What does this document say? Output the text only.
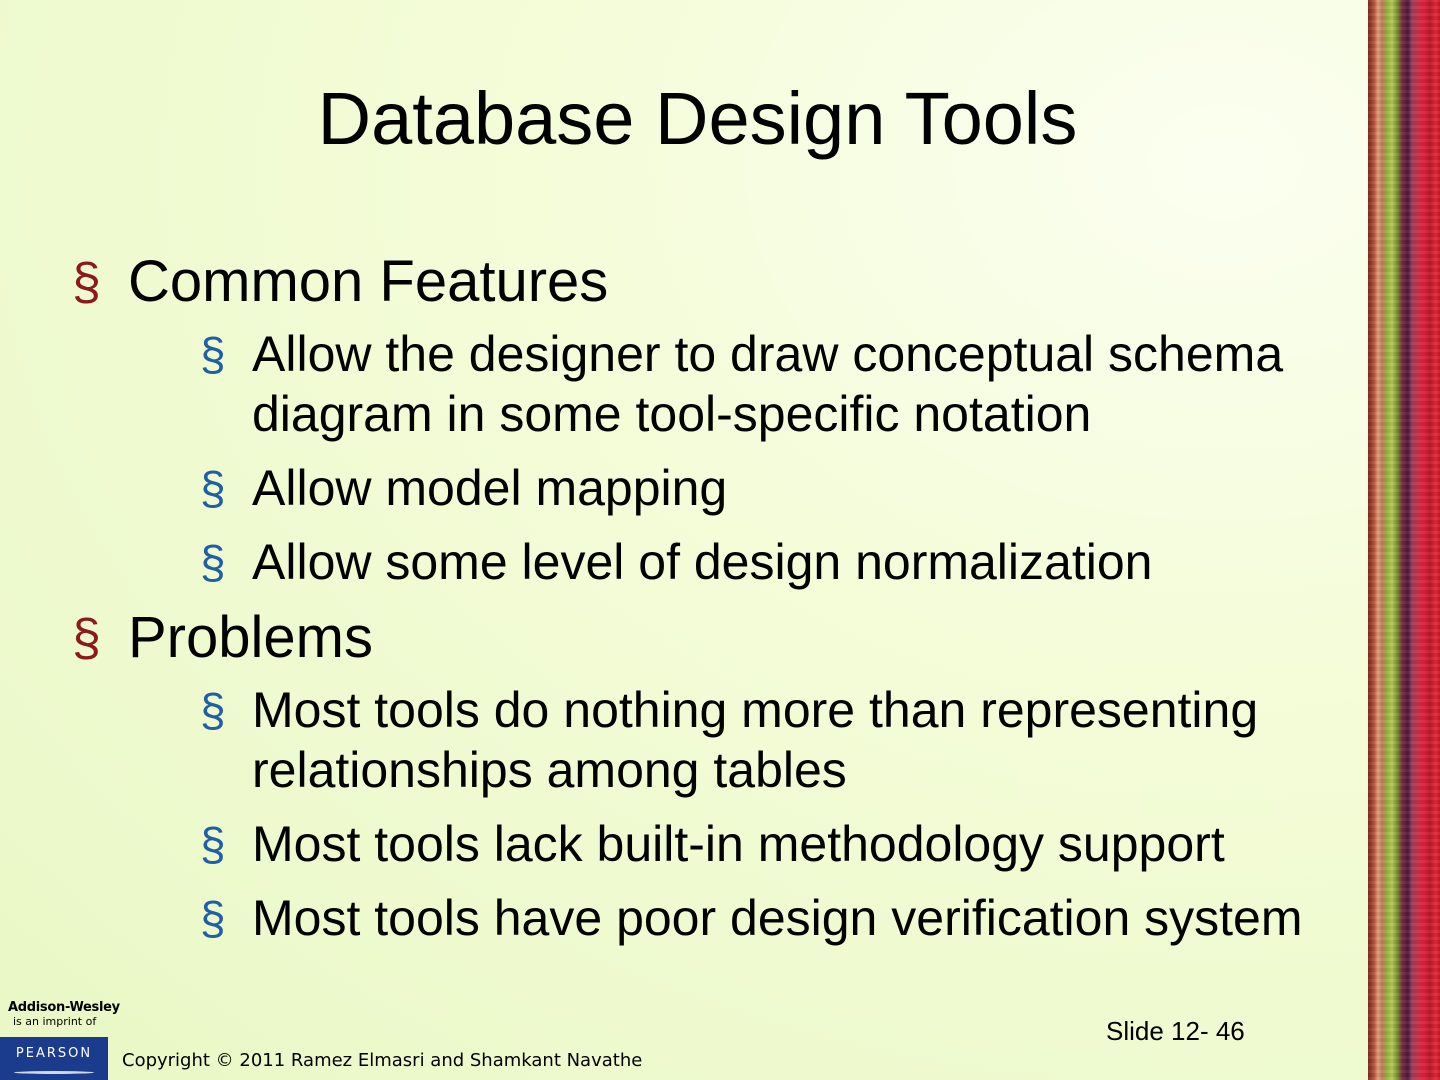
Database Design Tools
§ Common Features
§ Allow the designer to draw conceptual schema diagram in some tool-specific notation
§ Allow model mapping
§ Allow some level of design normalization
§ Problems
§ Most tools do nothing more than representing relationships among tables
§ Most tools lack built-in methodology support
§ Most tools have poor design verification system
Slide 12- 46
Addison-Wesley
is an imprint of
PEARSON	Copyright © 2011 Ramez Elmasri and Shamkant Navathe
